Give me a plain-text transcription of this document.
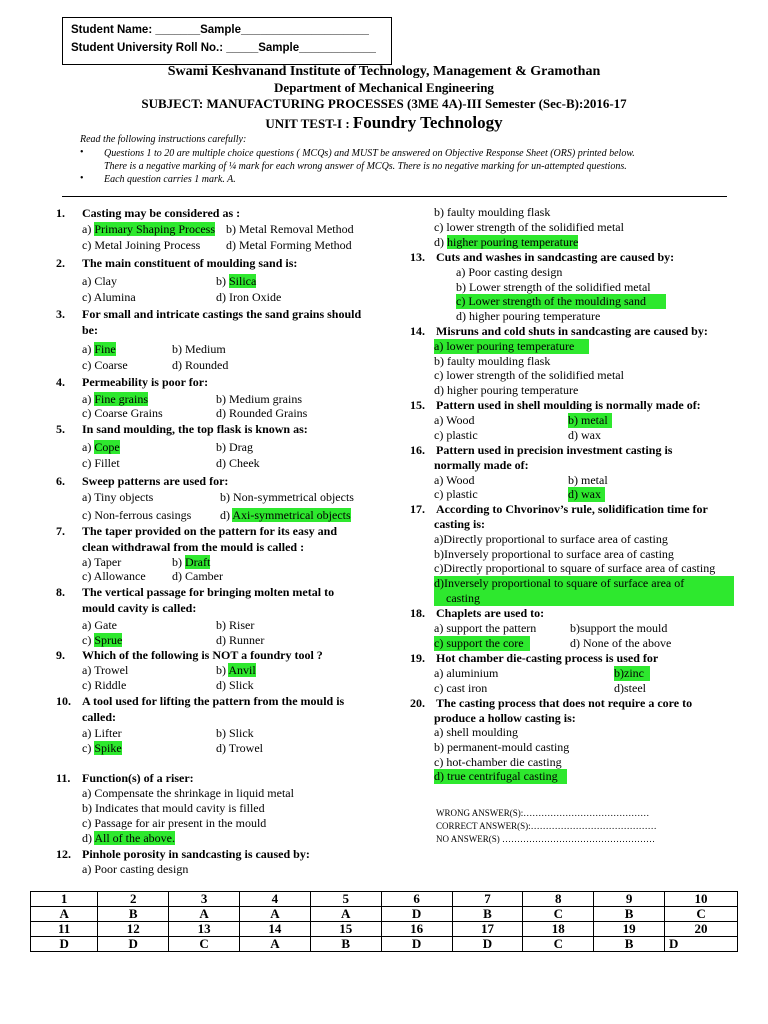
Student Name: _______Sample____________________
Student University Roll No.: _____Sample____________
Swami Keshvanand Institute of Technology, Management & Gramothan
Department of Mechanical Engineering
SUBJECT: MANUFACTURING PROCESSES (3ME 4A)-III Semester (Sec-B):2016-17
UNIT TEST-I : Foundry Technology
Read the following instructions carefully:
• Questions 1 to 20 are multiple choice questions ( MCQs) and MUST be answered on Objective Response Sheet (ORS) printed below.
There is a negative marking of ¼ mark for each wrong answer of MCQs. There is no negative marking for un-attempted questions.
• Each question carries 1 mark. A.
1. Casting may be considered as :
a) Primary Shaping Process b) Metal Removal Method
c) Metal Joining Process d) Metal Forming Method
2. The main constituent of moulding sand is:
a) Clay	b) Silica
c) Alumina	d) Iron Oxide
3. For small and intricate castings the sand grains should
be:
a) Fine	b) Medium
c) Coarse	d) Rounded
4. Permeability is poor for:
a) Fine grains	b) Medium grains
c) Coarse Grains	d) Rounded Grains
5. In sand moulding, the top flask is known as:
a) Cope	b) Drag
c) Fillet	d) Cheek
6. Sweep patterns are used for:
a) Tiny objects	b) Non-symmetrical objects
c) Non-ferrous casings d) Axi-symmetrical objects
7. The taper provided on the pattern for its easy and
clean withdrawal from the mould is called :
a) Taper	b) Draft
c) Allowance d) Camber
8. The vertical passage for bringing molten metal to
mould cavity is called:
a) Gate	b) Riser
c) Sprue	d) Runner
9. Which of the following is NOT a foundry tool ?
a) Trowel	b) Anvil
c) Riddle	d) Slick
10. A tool used for lifting the pattern from the mould is
called:
a) Lifter	b) Slick
c) Spike	d) Trowel
11. Function(s) of a riser:
a) Compensate the shrinkage in liquid metal
b) Indicates that mould cavity is filled
c) Passage for air present in the mould
d) All of the above.
12. Pinhole porosity in sandcasting is caused by:
a) Poor casting design
b) faulty moulding flask
c) lower strength of the solidified metal
d) higher pouring temperature
13. Cuts and washes in sandcasting are caused by:
a) Poor casting design
b) Lower strength of the solidified metal
c) Lower strength of the moulding sand
d) higher pouring temperature
14. Misruns and cold shuts in sandcasting are caused by:
a) lower pouring temperature
b) faulty moulding flask
c) lower strength of the solidified metal
d) higher pouring temperature
15. Pattern used in shell moulding is normally made of:
a) Wood	b) metal
c) plastic	d) wax
16. Pattern used in precision investment casting is
normally made of:
a) Wood	b) metal
c) plastic	d) wax
17. According to Chvorinov’s rule, solidification time for
casting is:
a)Directly proportional to surface area of casting
b)Inversely proportional to surface area of casting
c)Directly proportional to square of surface area of casting
d)Inversely proportional to square of surface area of
casting
18. Chaplets are used to:
a) support the pattern	b)support the mould
c) support the core	d) None of the above
19. Hot chamber die-casting process is used for
a) aluminium	b)zinc
c) cast iron	d)steel
20. The casting process that does not require a core to
produce a hollow casting is:
a) shell moulding
b) permanent-mould casting
c) hot-chamber die casting
d) true centrifugal casting
WRONG ANSWER(S):……………………………………
CORRECT ANSWER(S):……………………………………
NO ANSWER(S) ……………………………………………
1	2	3	4	5	6	7	8	9	10
A	B	A	A	A	D	B	C	B	C
11	12	13	14	15	16	17	18	19	20
D	D	C	A	B	D	D	C	B	D
